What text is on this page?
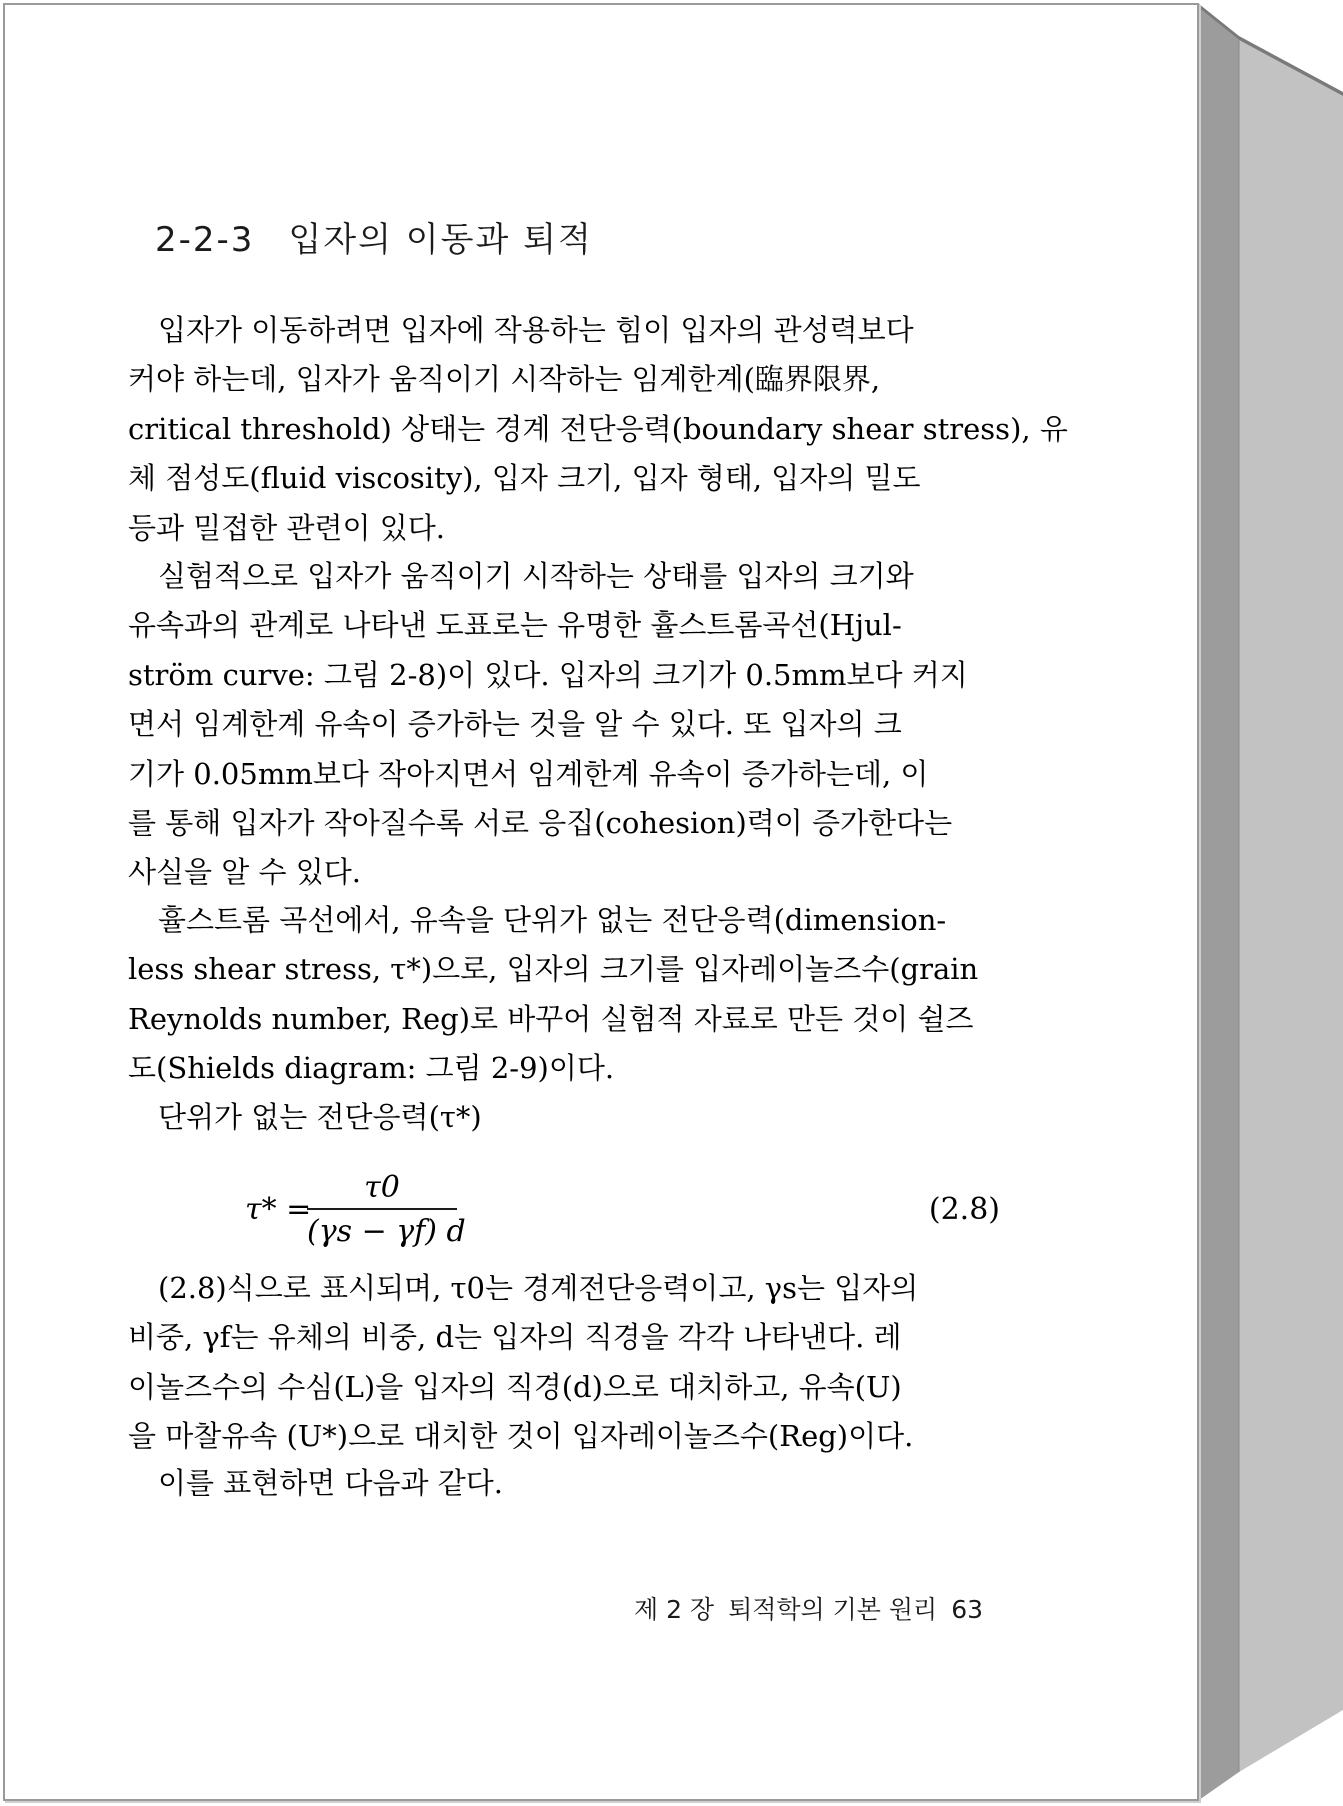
2-2-3 입자의 이동과 퇴적

입자가 이동하려면 입자에 작용하는 힘이 입자의 관성력보다
커야 하는데, 입자가 움직이기 시작하는 임계한계(臨界限界,
critical threshold) 상태는 경계 전단응력(boundary shear stress), 유
체 점성도(fluid viscosity), 입자 크기, 입자 형태, 입자의 밀도
등과 밀접한 관련이 있다.

실험적으로 입자가 움직이기 시작하는 상태를 입자의 크기와
유속과의 관계로 나타낸 도표로는 유명한 휼스트롬곡선(Hjul-
ström curve: 그림 2-8)이 있다. 입자의 크기가 0.5mm보다 커지
면서 임계한계 유속이 증가하는 것을 알 수 있다. 또 입자의 크
기가 0.05mm보다 작아지면서 임계한계 유속이 증가하는데, 이
를 통해 입자가 작아질수록 서로 응집(cohesion)력이 증가한다는
사실을 알 수 있다.

휼스트롬 곡선에서, 유속을 단위가 없는 전단응력(dimension-
less shear stress, τ*)으로, 입자의 크기를 입자레이놀즈수(grain
Reynolds number, Reg)로 바꾸어 실험적 자료로 만든 것이 쉴즈
도(Shields diagram: 그림 2-9)이다.

단위가 없는 전단응력(τ*)

τ* =
τ0
(γs − γf) d
(2.8)

(2.8)식으로 표시되며, τ0는 경계전단응력이고, γs는 입자의
비중, γf는 유체의 비중, d는 입자의 직경을 각각 나타낸다. 레
이놀즈수의 수심(L)을 입자의 직경(d)으로 대치하고, 유속(U)
을 마찰유속 (U*)으로 대치한 것이 입자레이놀즈수(Reg)이다.

이를 표현하면 다음과 같다.

제 2 장 퇴적학의 기본 원리 63
